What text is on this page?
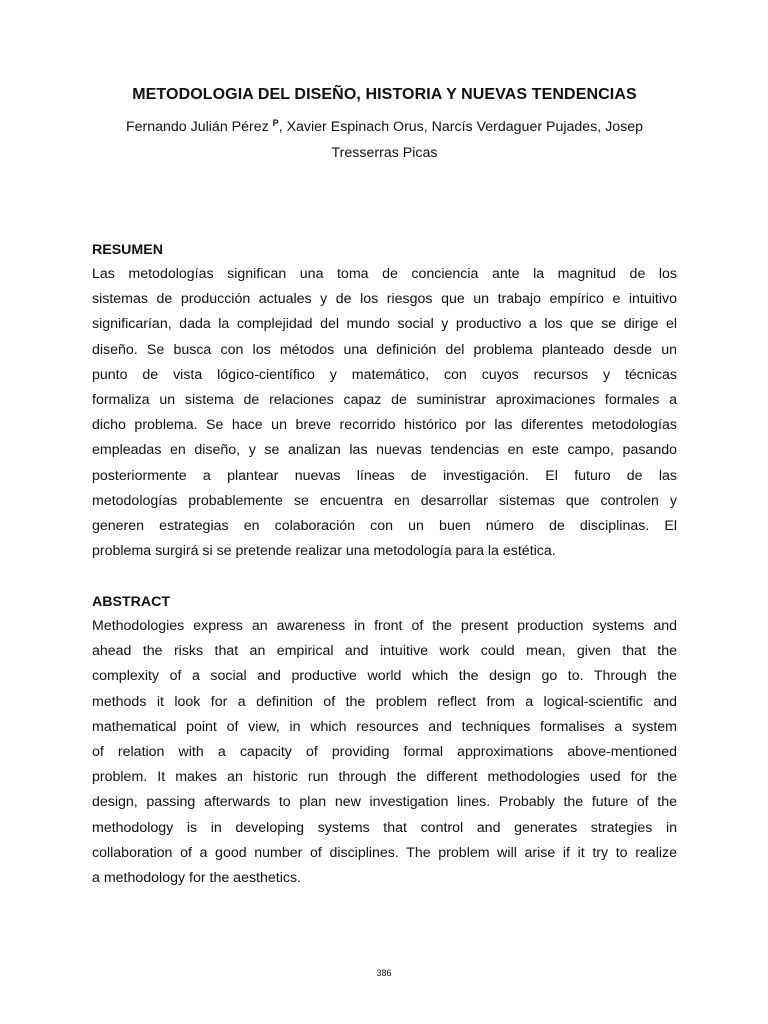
METODOLOGIA DEL DISEÑO, HISTORIA Y NUEVAS TENDENCIAS
Fernando Julián Pérez $^P$, Xavier Espinach Orus, Narcís Verdaguer Pujades, Josep
Tresserras Picas
RESUMEN
Las metodologías significan una toma de conciencia ante la magnitud de los
sistemas de producción actuales y de los riesgos que un trabajo empírico e intuitivo
significarían, dada la complejidad del mundo social y productivo a los que se dirige el
diseño. Se busca con los métodos una definición del problema planteado desde un
punto de vista lógico-científico y matemático, con cuyos recursos y técnicas
formaliza un sistema de relaciones capaz de suministrar aproximaciones formales a
dicho problema. Se hace un breve recorrido histórico por las diferentes metodologías
empleadas en diseño, y se analizan las nuevas tendencias en este campo, pasando
posteriormente a plantear nuevas líneas de investigación. El futuro de las
metodologías probablemente se encuentra en desarrollar sistemas que controlen y
generen estrategias en colaboración con un buen número de disciplinas. El
problema surgirá si se pretende realizar una metodología para la estética.
ABSTRACT
Methodologies express an awareness in front of the present production systems and
ahead the risks that an empirical and intuitive work could mean, given that the
complexity of a social and productive world which the design go to. Through the
methods it look for a definition of the problem reflect from a logical-scientific and
mathematical point of view, in which resources and techniques formalises a system
of relation with a capacity of providing formal approximations above-mentioned
problem. It makes an historic run through the different methodologies used for the
design, passing afterwards to plan new investigation lines. Probably the future of the
methodology is in developing systems that control and generates strategies in
collaboration of a good number of disciplines. The problem will arise if it try to realize
a methodology for the aesthetics.
386
